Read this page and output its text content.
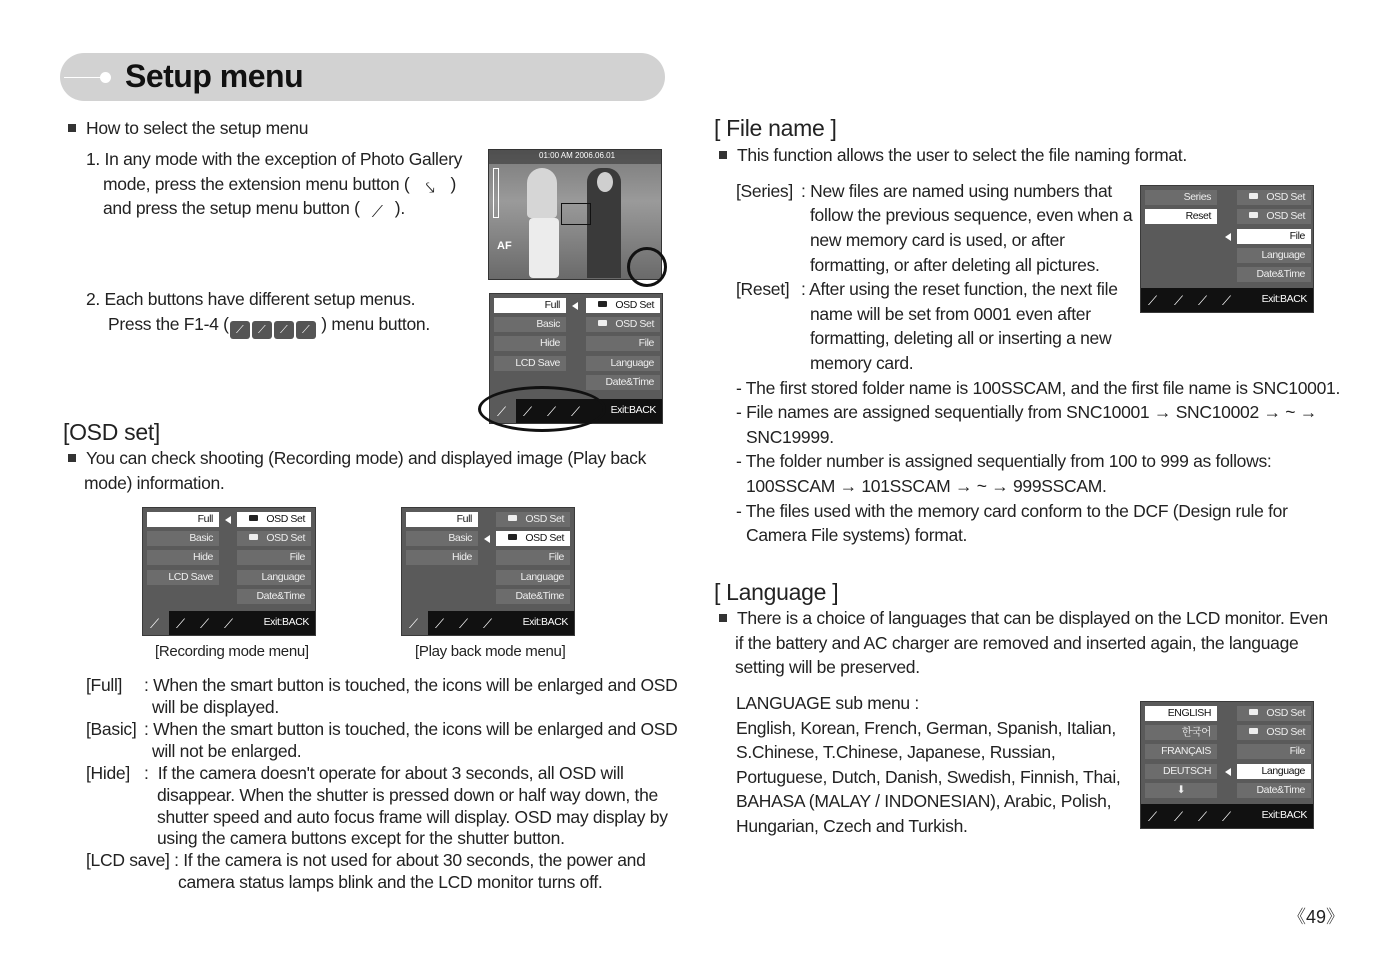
Setup menu
How to select the setup menu
1. In any mode with the exception of Photo Gallery
mode, press the extension menu button ( ⤥ )
and press the setup menu button ( ⟋ ).
01:00 AM 2006.06.01
AF
2. Each buttons have different setup menus.
Press the F1-4 ( ⟋ ⟋ ⟋ ⟋ ) menu button.
Full
Basic
Hide
LCD Save
OSD Set
OSD Set
File
Language
Date&Time
⟋ ⟋ ⟋ ⟋	Exit:BACK
[OSD set]
You can check shooting (Recording mode) and displayed image (Play back
mode) information.
Full
Basic
Hide
LCD Save
OSD Set
OSD Set
File
Language
Date&Time
⟋ ⟋ ⟋ ⟋	Exit:BACK
[Recording mode menu]
Full
Basic
Hide
OSD Set
OSD Set
File
Language
Date&Time
⟋ ⟋ ⟋ ⟋	Exit:BACK
[Play back mode menu]
[Full] : When the smart button is touched, the icons will be enlarged and OSD
will be displayed.
[Basic] : When the smart button is touched, the icons will be enlarged and OSD
will not be enlarged.
[Hide] : If the camera doesn't operate for about 3 seconds, all OSD will
disappear. When the shutter is pressed down or half way down, the
shutter speed and auto focus frame will display. OSD may display by
using the camera buttons except for the shutter button.
[LCD save] : If the camera is not used for about 30 seconds, the power and
camera status lamps blink and the LCD monitor turns off.
[ File name ]
This function allows the user to select the file naming format.
[Series] : New files are named using numbers that
follow the previous sequence, even when a
new memory card is used, or after
formatting, or after deleting all pictures.
[Reset] : After using the reset function, the next file
name will be set from 0001 even after
formatting, deleting all or inserting a new
memory card.
Series
Reset
OSD Set
OSD Set
File
Language
Date&Time
⟋ ⟋ ⟋ ⟋	Exit:BACK
- The first stored folder name is 100SSCAM, and the first file name is SNC10001.
- File names are assigned sequentially from SNC10001 → SNC10002 → ~ →
SNC19999.
- The folder number is assigned sequentially from 100 to 999 as follows:
100SSCAM → 101SSCAM → ~ → 999SSCAM.
- The files used with the memory card conform to the DCF (Design rule for
Camera File systems) format.
[ Language ]
There is a choice of languages that can be displayed on the LCD monitor. Even
if the battery and AC charger are removed and inserted again, the language
setting will be preserved.
LANGUAGE sub menu :
English, Korean, French, German, Spanish, Italian,
S.Chinese, T.Chinese, Japanese, Russian,
Portuguese, Dutch, Danish, Swedish, Finnish, Thai,
BAHASA (MALAY / INDONESIAN), Arabic, Polish,
Hungarian, Czech and Turkish.
ENGLISH
한국어
FRANÇAIS
DEUTSCH
⬇
OSD Set
OSD Set
File
Language
Date&Time
⟋ ⟋ ⟋ ⟋	Exit:BACK
《49》
